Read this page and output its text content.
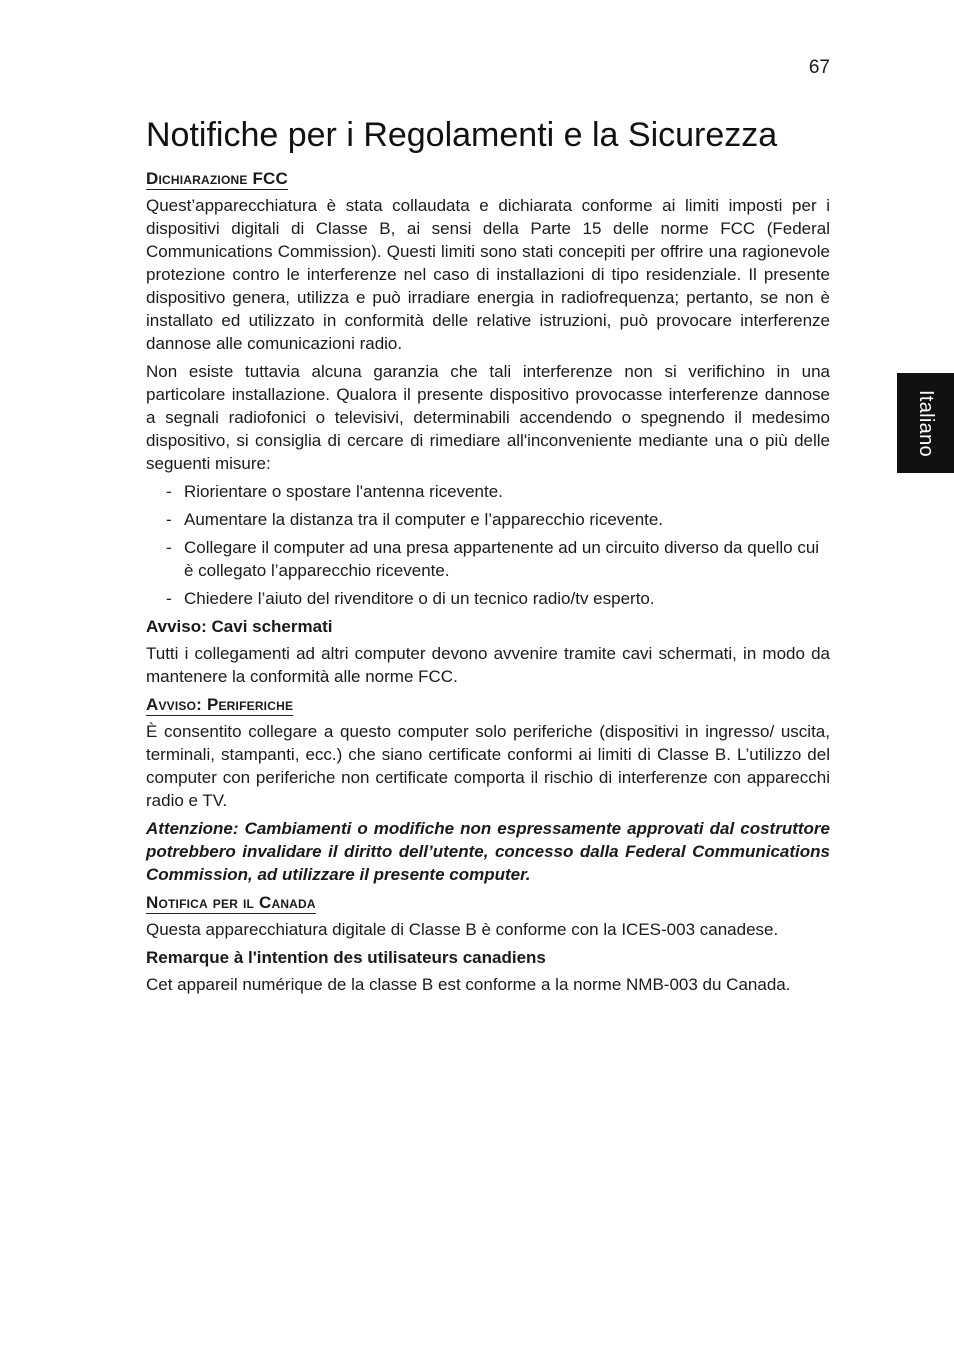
67
Italiano
Notifiche per i Regolamenti e la Sicurezza
Dichiarazione FCC

Quest’apparecchiatura è stata collaudata e dichiarata conforme ai limiti imposti per i dispositivi digitali di Classe B, ai sensi della Parte 15 delle norme FCC (Federal Communications Commission). Questi limiti sono stati concepiti per offrire una ragionevole protezione contro le interferenze nel caso di installazioni di tipo residenziale. Il presente dispositivo genera, utilizza e può irradiare energia in radiofrequenza; pertanto, se non è installato ed utilizzato in conformità delle relative istruzioni, può provocare interferenze dannose alle comunicazioni radio.

Non esiste tuttavia alcuna garanzia che tali interferenze non si verifichino in una particolare installazione. Qualora il presente dispositivo provocasse interferenze dannose a segnali radiofonici o televisivi, determinabili accendendo o spegnendo il medesimo dispositivo, si consiglia di cercare di rimediare all'inconveniente mediante una o più delle seguenti misure:

- Riorientare o spostare l'antenna ricevente.
- Aumentare la distanza tra il computer e l’apparecchio ricevente.
- Collegare il computer ad una presa appartenente ad un circuito diverso da quello cui è collegato l’apparecchio ricevente.
- Chiedere l’aiuto del rivenditore o di un tecnico radio/tv esperto.
Avviso: Cavi schermati

Tutti i collegamenti ad altri computer devono avvenire tramite cavi schermati, in modo da mantenere la conformità alle norme FCC.

Avviso: Periferiche

È consentito collegare a questo computer solo periferiche (dispositivi in ingresso/ uscita, terminali, stampanti, ecc.) che siano certificate conformi ai limiti di Classe B. L’utilizzo del computer con periferiche non certificate comporta il rischio di interferenze con apparecchi radio e TV.

Attenzione: Cambiamenti o modifiche non espressamente approvati dal costruttore potrebbero invalidare il diritto dell’utente, concesso dalla Federal Communications Commission, ad utilizzare il presente computer.

Notifica per il Canada

Questa apparecchiatura digitale di Classe B è conforme con la ICES-003 canadese.

Remarque à l'intention des utilisateurs canadiens

Cet appareil numérique de la classe B est conforme a la norme NMB-003 du Canada.
